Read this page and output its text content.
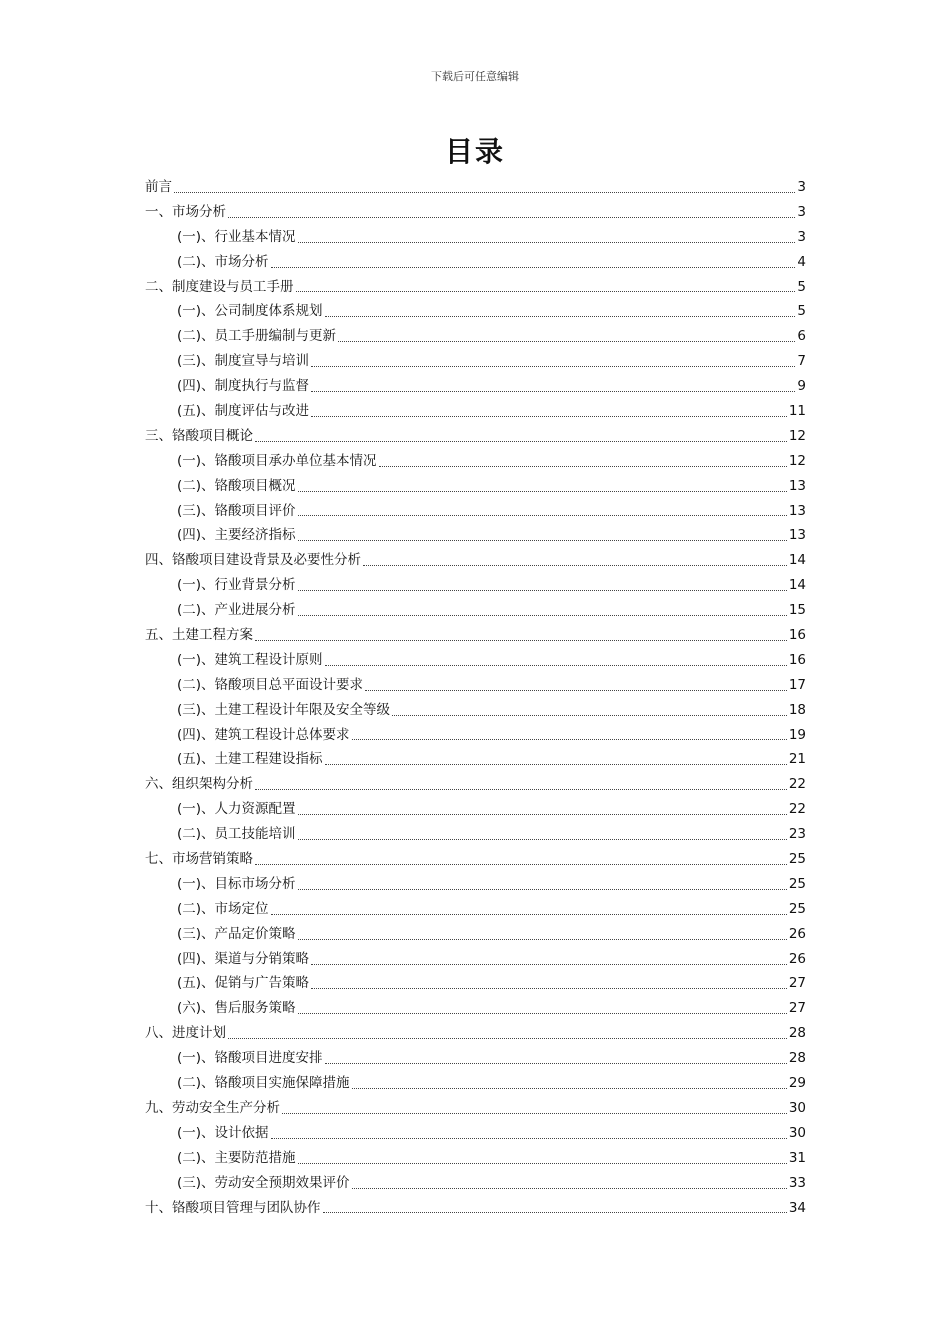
下载后可任意编辑
目录
前言	3
一、市场分析	3
(一)、行业基本情况	3
(二)、市场分析	4
二、制度建设与员工手册	5
(一)、公司制度体系规划	5
(二)、员工手册编制与更新	6
(三)、制度宣导与培训	7
(四)、制度执行与监督	9
(五)、制度评估与改进	11
三、铬酸项目概论	12
(一)、铬酸项目承办单位基本情况	12
(二)、铬酸项目概况	13
(三)、铬酸项目评价	13
(四)、主要经济指标	13
四、铬酸项目建设背景及必要性分析	14
(一)、行业背景分析	14
(二)、产业进展分析	15
五、土建工程方案	16
(一)、建筑工程设计原则	16
(二)、铬酸项目总平面设计要求	17
(三)、土建工程设计年限及安全等级	18
(四)、建筑工程设计总体要求	19
(五)、土建工程建设指标	21
六、组织架构分析	22
(一)、人力资源配置	22
(二)、员工技能培训	23
七、市场营销策略	25
(一)、目标市场分析	25
(二)、市场定位	25
(三)、产品定价策略	26
(四)、渠道与分销策略	26
(五)、促销与广告策略	27
(六)、售后服务策略	27
八、进度计划	28
(一)、铬酸项目进度安排	28
(二)、铬酸项目实施保障措施	29
九、劳动安全生产分析	30
(一)、设计依据	30
(二)、主要防范措施	31
(三)、劳动安全预期效果评价	33
十、铬酸项目管理与团队协作	34
